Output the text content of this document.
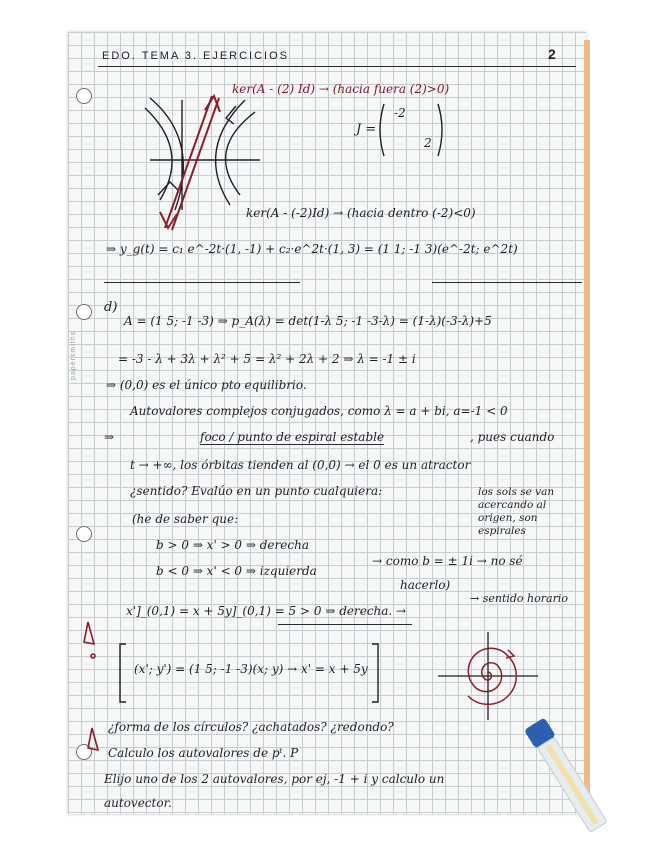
papersmiths
EDO. TEMA 3. EJERCICIOS	2
ker(A - (2) Id) → (hacia fuera (2)>0)
J =
-2
2
ker(A - (-2)Id) → (hacia dentro (-2)<0)
⇒ y_g(t) = c₁ e^-2t·(1, -1) + c₂·e^2t·(1, 3) = (1 1; -1 3)(e^-2t; e^2t)
d)
A = (1 5; -1 -3) ⇒ p_A(λ) = det(1-λ 5; -1 -3-λ) = (1-λ)(-3-λ)+5
= -3 - λ + 3λ + λ² + 5 = λ² + 2λ + 2 ⇒ λ = -1 ± i
⇒ (0,0) es el único pto equilibrio.
Autovalores complejos conjugados, como λ = a + bi, a=-1 < 0
⇒	foco / punto de espiral estable	, pues cuando
t → +∞, los órbitas tienden al (0,0) → el 0 es un atractor
¿sentido? Evalúo en un punto cualquiera:	los sols se van acercando al origen, son espirales
(he de saber que:
b > 0 ⇒ x' > 0 ⇒ derecha
b < 0 ⇒ x' < 0 ⇒ izquierda
→ como b = ± 1i → no sé
hacerlo)
→ sentido horario
x']_(0,1) = x + 5y]_(0,1) = 5 > 0 ⇒ derecha. →
(x'; y') = (1 5; -1 -3)(x; y) → x' = x + 5y
¿forma de los círculos? ¿achatados? ¿redondo?
Calculo los autovalores de pᵗ. P
Elijo uno de los 2 autovalores, por ej, -1 + i y calculo un
autovector.
